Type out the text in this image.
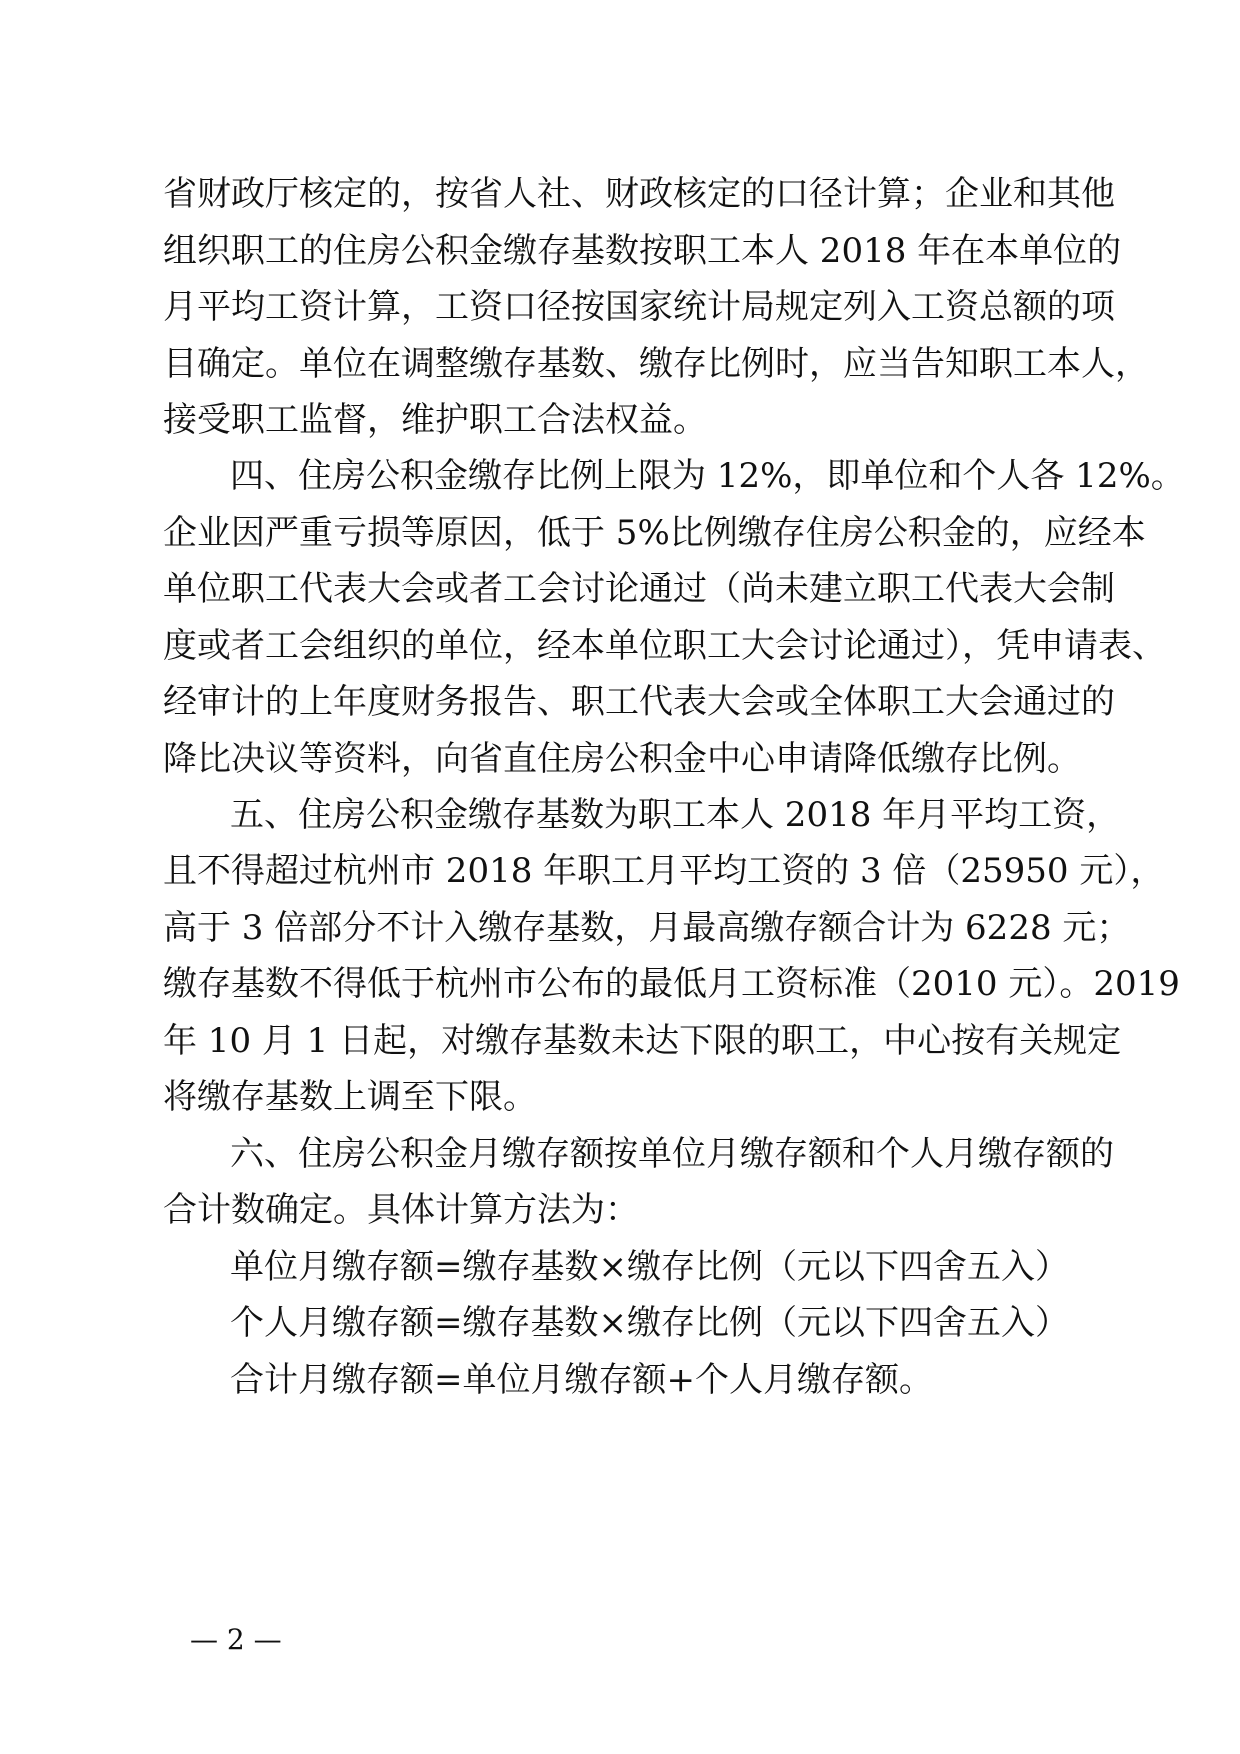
省财政厅核定的，按省人社、财政核定的口径计算；企业和其他
组织职工的住房公积金缴存基数按职工本人 2018 年在本单位的
月平均工资计算，工资口径按国家统计局规定列入工资总额的项
目确定。单位在调整缴存基数、缴存比例时，应当告知职工本人，
接受职工监督，维护职工合法权益。
四、住房公积金缴存比例上限为 12%，即单位和个人各 12%。
企业因严重亏损等原因，低于 5%比例缴存住房公积金的，应经本
单位职工代表大会或者工会讨论通过（尚未建立职工代表大会制
度或者工会组织的单位，经本单位职工大会讨论通过），凭申请表、
经审计的上年度财务报告、职工代表大会或全体职工大会通过的
降比决议等资料，向省直住房公积金中心申请降低缴存比例。
五、住房公积金缴存基数为职工本人 2018 年月平均工资，
且不得超过杭州市 2018 年职工月平均工资的 3 倍（25950 元），
高于 3 倍部分不计入缴存基数，月最高缴存额合计为 6228 元；
缴存基数不得低于杭州市公布的最低月工资标准（2010 元）。2019
年 10 月 1 日起，对缴存基数未达下限的职工，中心按有关规定
将缴存基数上调至下限。
六、住房公积金月缴存额按单位月缴存额和个人月缴存额的
合计数确定。具体计算方法为：
单位月缴存额=缴存基数×缴存比例（元以下四舍五入）
个人月缴存额=缴存基数×缴存比例（元以下四舍五入）
合计月缴存额=单位月缴存额+个人月缴存额。
— 2 —
